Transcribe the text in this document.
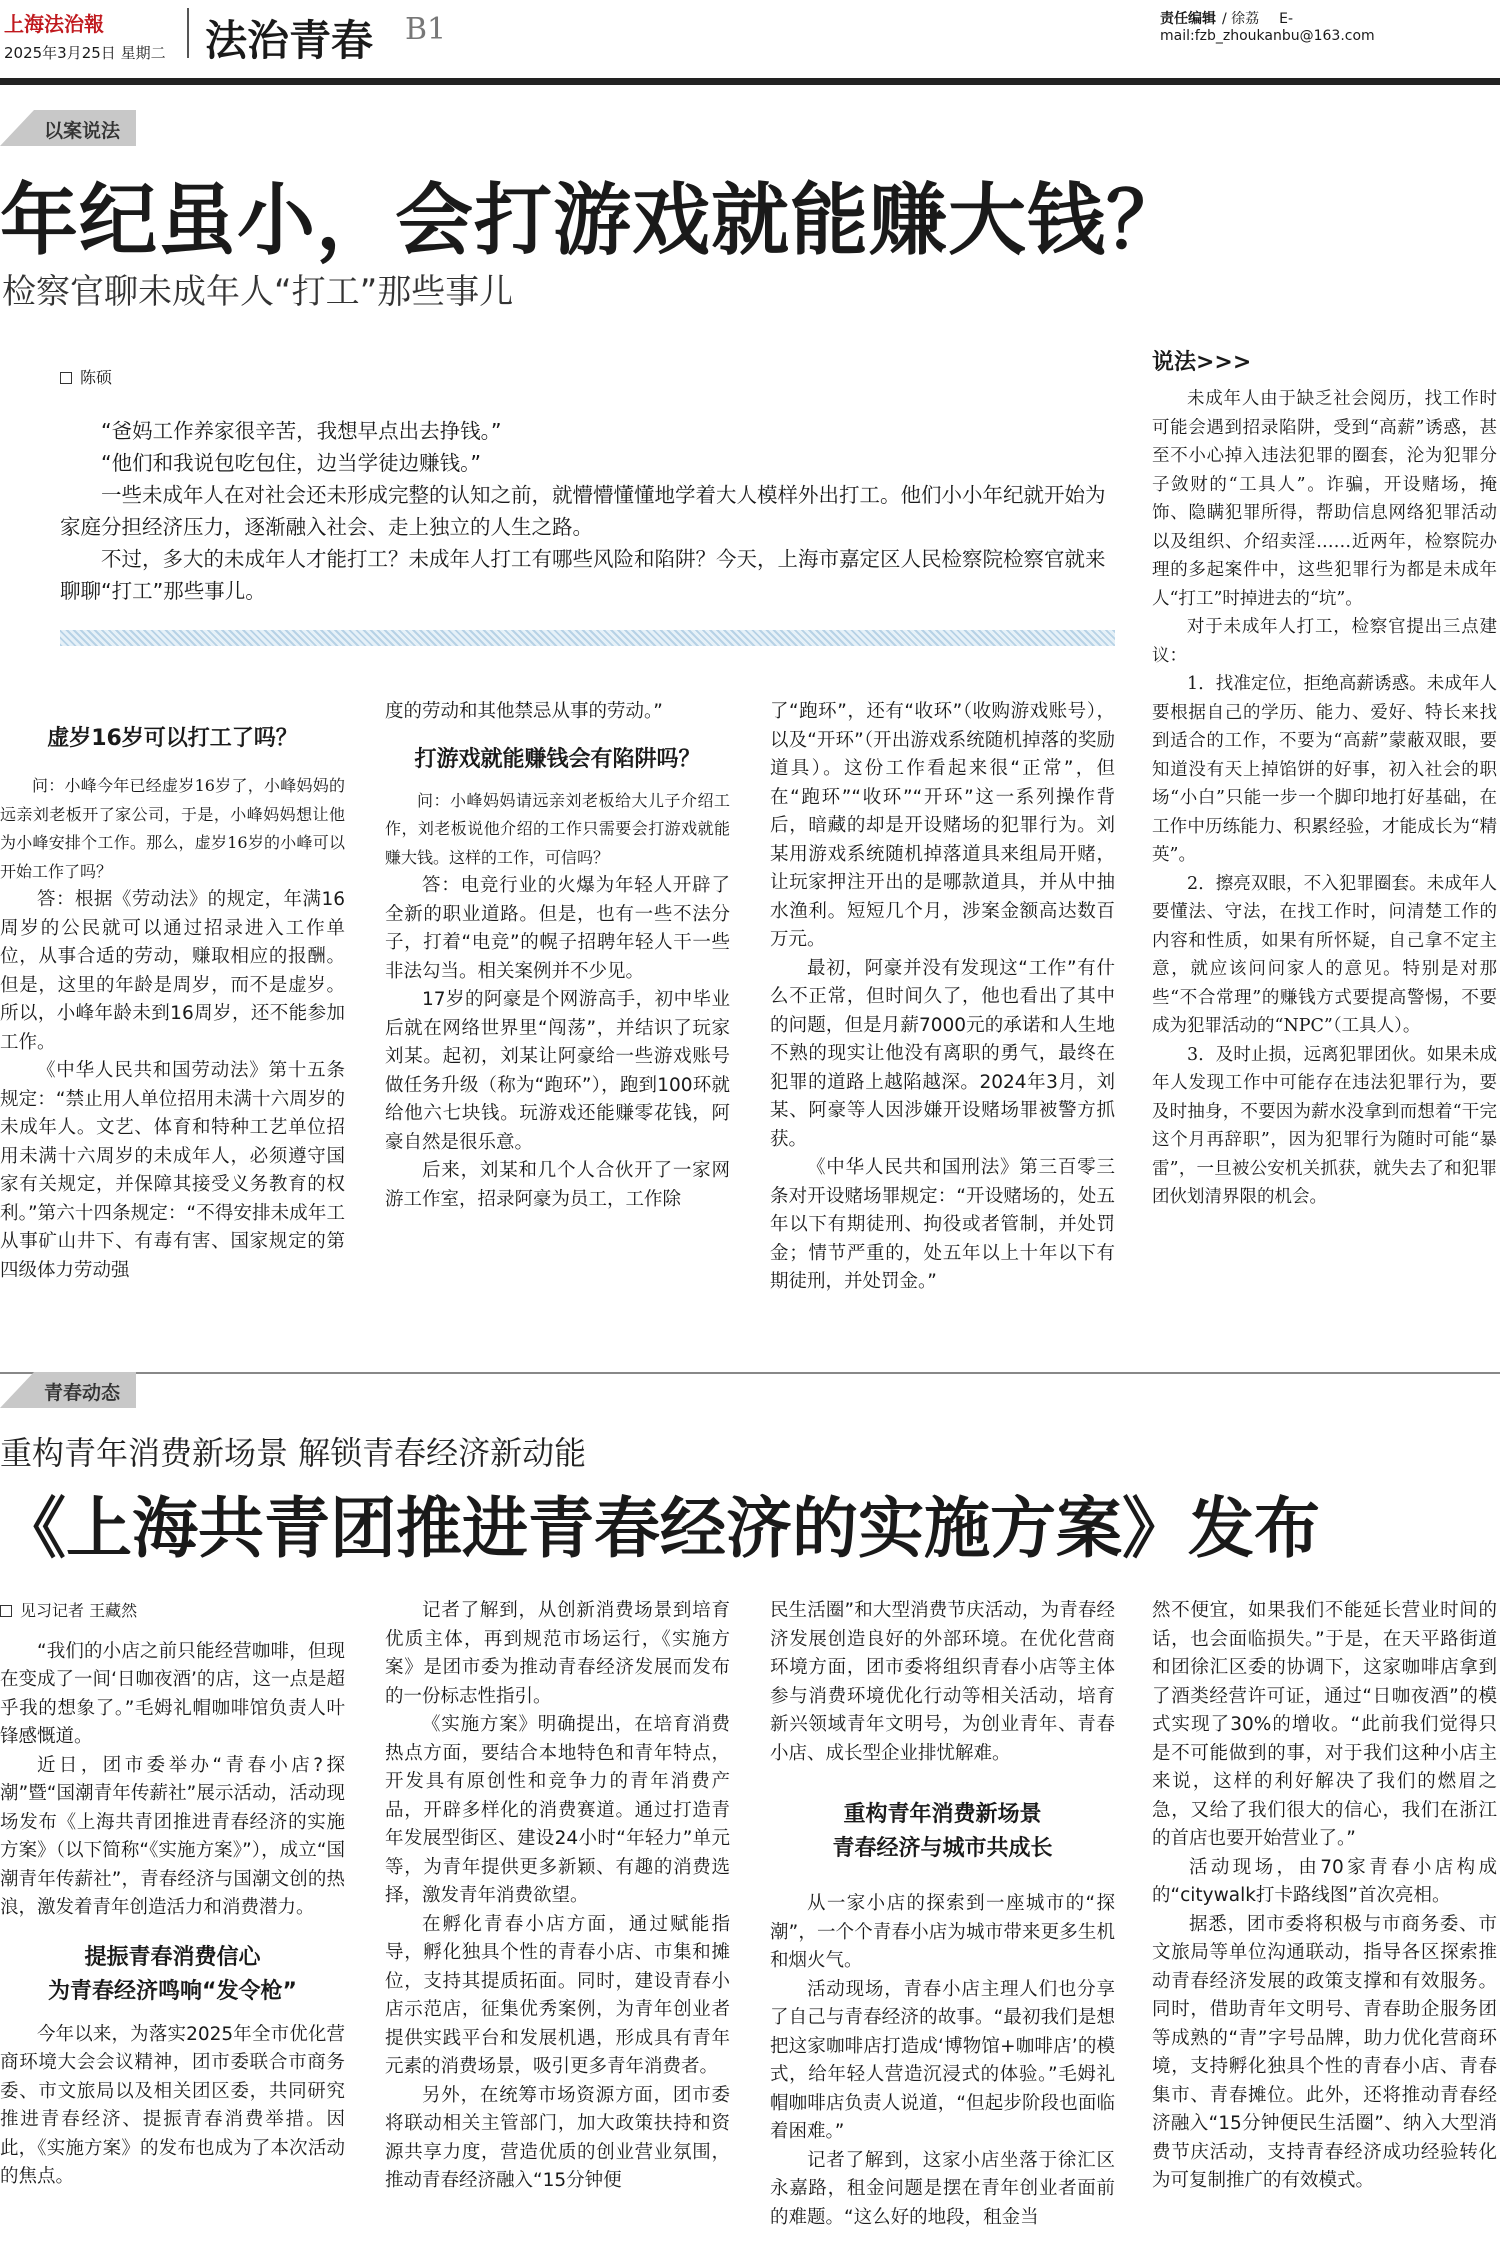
上海法治報
2025年3月25日 星期二 法治青春 B1	责任编辑 / 徐荔 E-mail:fzb_zhoukanbu@163.com
以案说法
年纪虽小，会打游戏就能赚大钱？
检察官聊未成年人“打工”那些事儿
陈硕

“爸妈工作养家很辛苦，我想早点出去挣钱。”

“他们和我说包吃包住，边当学徒边赚钱。”

一些未成年人在对社会还未形成完整的认知之前，就懵懵懂懂地学着大人模样外出打工。他们小小年纪就开始为家庭分担经济压力，逐渐融入社会、走上独立的人生之路。

不过，多大的未成年人才能打工？未成年人打工有哪些风险和陷阱？今天，上海市嘉定区人民检察院检察官就来聊聊“打工”那些事儿。

虚岁16岁可以打工了吗？

问：小峰今年已经虚岁16岁了，小峰妈妈的远亲刘老板开了家公司，于是，小峰妈妈想让他为小峰安排个工作。那么，虚岁16岁的小峰可以开始工作了吗？

答：根据《劳动法》的规定，年满16周岁的公民就可以通过招录进入工作单位，从事合适的劳动，赚取相应的报酬。但是，这里的年龄是周岁，而不是虚岁。所以，小峰年龄未到16周岁，还不能参加工作。

《中华人民共和国劳动法》第十五条规定：“禁止用人单位招用未满十六周岁的未成年人。文艺、体育和特种工艺单位招用未满十六周岁的未成年人，必须遵守国家有关规定，并保障其接受义务教育的权利。”第六十四条规定：“不得安排未成年工从事矿山井下、有毒有害、国家规定的第四级体力劳动强

度的劳动和其他禁忌从事的劳动。”

打游戏就能赚钱会有陷阱吗？

问：小峰妈妈请远亲刘老板给大儿子介绍工作，刘老板说他介绍的工作只需要会打游戏就能赚大钱。这样的工作，可信吗？

答：电竞行业的火爆为年轻人开辟了全新的职业道路。但是，也有一些不法分子，打着“电竞”的幌子招聘年轻人干一些非法勾当。相关案例并不少见。

17岁的阿豪是个网游高手，初中毕业后就在网络世界里“闯荡”，并结识了玩家刘某。起初，刘某让阿豪给一些游戏账号做任务升级（称为“跑环”），跑到100环就给他六七块钱。玩游戏还能赚零花钱，阿豪自然是很乐意。

后来，刘某和几个人合伙开了一家网游工作室，招录阿豪为员工，工作除

了“跑环”，还有“收环”（收购游戏账号），以及“开环”（开出游戏系统随机掉落的奖励道具）。这份工作看起来很“正常”，但在“跑环”“收环”“开环”这一系列操作背后，暗藏的却是开设赌场的犯罪行为。刘某用游戏系统随机掉落道具来组局开赌，让玩家押注开出的是哪款道具，并从中抽水渔利。短短几个月，涉案金额高达数百万元。

最初，阿豪并没有发现这“工作”有什么不正常，但时间久了，他也看出了其中的问题，但是月薪7000元的承诺和人生地不熟的现实让他没有离职的勇气，最终在犯罪的道路上越陷越深。2024年3月，刘某、阿豪等人因涉嫌开设赌场罪被警方抓获。

《中华人民共和国刑法》第三百零三条对开设赌场罪规定：“开设赌场的，处五年以下有期徒刑、拘役或者管制，并处罚金；情节严重的，处五年以上十年以下有期徒刑，并处罚金。”

说法>>>

未成年人由于缺乏社会阅历，找工作时可能会遇到招录陷阱，受到“高薪”诱惑，甚至不小心掉入违法犯罪的圈套，沦为犯罪分子敛财的“工具人”。诈骗，开设赌场，掩饰、隐瞒犯罪所得，帮助信息网络犯罪活动以及组织、介绍卖淫……近两年，检察院办理的多起案件中，这些犯罪行为都是未成年人“打工”时掉进去的“坑”。

对于未成年人打工，检察官提出三点建议：

1．找准定位，拒绝高薪诱惑。未成年人要根据自己的学历、能力、爱好、特长来找到适合的工作，不要为“高薪”蒙蔽双眼，要知道没有天上掉馅饼的好事，初入社会的职场“小白”只能一步一个脚印地打好基础，在工作中历练能力、积累经验，才能成长为“精英”。

2．擦亮双眼，不入犯罪圈套。未成年人要懂法、守法，在找工作时，问清楚工作的内容和性质，如果有所怀疑，自己拿不定主意，就应该问问家人的意见。特别是对那些“不合常理”的赚钱方式要提高警惕，不要成为犯罪活动的“NPC”（工具人）。

3．及时止损，远离犯罪团伙。如果未成年人发现工作中可能存在违法犯罪行为，要及时抽身，不要因为薪水没拿到而想着“干完这个月再辞职”，因为犯罪行为随时可能“暴雷”，一旦被公安机关抓获，就失去了和犯罪团伙划清界限的机会。

青春动态
重构青年消费新场景 解锁青春经济新动能
《上海共青团推进青春经济的实施方案》发布
见习记者 王藏然

“我们的小店之前只能经营咖啡，但现在变成了一间‘日咖夜酒’的店，这一点是超乎我的想象了。”毛姆礼帽咖啡馆负责人叶锋感慨道。

近日，团市委举办“青春小店?探潮”暨“国潮青年传薪社”展示活动，活动现场发布《上海共青团推进青春经济的实施方案》（以下简称“《实施方案》”），成立“国潮青年传薪社”，青春经济与国潮文创的热浪，激发着青年创造活力和消费潜力。

提振青春消费信心
为青春经济鸣响“发令枪”

今年以来，为落实2025年全市优化营商环境大会会议精神，团市委联合市商务委、市文旅局以及相关团区委，共同研究推进青春经济、提振青春消费举措。因此，《实施方案》的发布也成为了本次活动的焦点。

记者了解到，从创新消费场景到培育优质主体，再到规范市场运行，《实施方案》是团市委为推动青春经济发展而发布的一份标志性指引。

《实施方案》明确提出，在培育消费热点方面，要结合本地特色和青年特点，开发具有原创性和竞争力的青年消费产品，开辟多样化的消费赛道。通过打造青年发展型街区、建设24小时“年轻力”单元等，为青年提供更多新颖、有趣的消费选择，激发青年消费欲望。

在孵化青春小店方面，通过赋能指导，孵化独具个性的青春小店、市集和摊位，支持其提质拓面。同时，建设青春小店示范店，征集优秀案例，为青年创业者提供实践平台和发展机遇，形成具有青年元素的消费场景，吸引更多青年消费者。

另外，在统筹市场资源方面，团市委将联动相关主管部门，加大政策扶持和资源共享力度，营造优质的创业营业氛围，推动青春经济融入“15分钟便

民生活圈”和大型消费节庆活动，为青春经济发展创造良好的外部环境。在优化营商环境方面，团市委将组织青春小店等主体参与消费环境优化行动等相关活动，培育新兴领域青年文明号，为创业青年、青春小店、成长型企业排忧解难。

重构青年消费新场景
青春经济与城市共成长

从一家小店的探索到一座城市的“探潮”，一个个青春小店为城市带来更多生机和烟火气。

活动现场，青春小店主理人们也分享了自己与青春经济的故事。“最初我们是想把这家咖啡店打造成‘博物馆+咖啡店’的模式，给年轻人营造沉浸式的体验。”毛姆礼帽咖啡店负责人说道，“但起步阶段也面临着困难。”

记者了解到，这家小店坐落于徐汇区永嘉路，租金问题是摆在青年创业者面前的难题。“这么好的地段，租金当

然不便宜，如果我们不能延长营业时间的话，也会面临损失。”于是，在天平路街道和团徐汇区委的协调下，这家咖啡店拿到了酒类经营许可证，通过“日咖夜酒”的模式实现了30%的增收。“此前我们觉得只是不可能做到的事，对于我们这种小店主来说，这样的利好解决了我们的燃眉之急，又给了我们很大的信心，我们在浙江的首店也要开始营业了。”

活动现场，由70家青春小店构成的“citywalk打卡路线图”首次亮相。

据悉，团市委将积极与市商务委、市文旅局等单位沟通联动，指导各区探索推动青春经济发展的政策支撑和有效服务。同时，借助青年文明号、青春助企服务团等成熟的“青”字号品牌，助力优化营商环境，支持孵化独具个性的青春小店、青春集市、青春摊位。此外，还将推动青春经济融入“15分钟便民生活圈”、纳入大型消费节庆活动，支持青春经济成功经验转化为可复制推广的有效模式。
